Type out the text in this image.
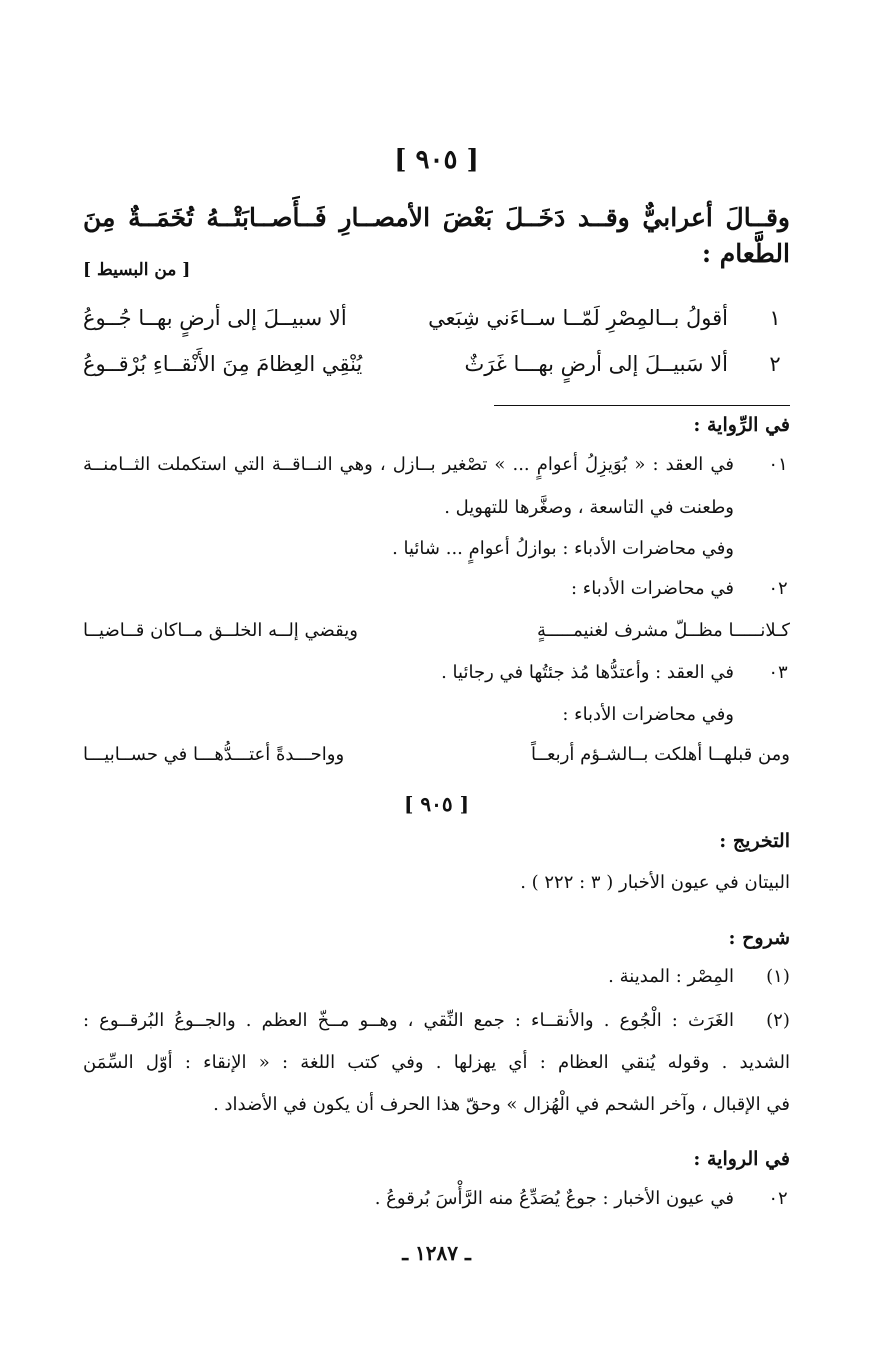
[ ٩٠٥ ]
وقــالَ أعرابيٌّ وقــد دَخَــلَ بَعْضَ الأمصــارِ فَــأَصــابَتْــهُ تُخَمَــةٌ مِنَ
الطَّعام :
[ من البسيط ]
١
أقولُ بــالمِصْرِ لَمّــا ســاءَني شِبَعي
ألا سبيــلَ إلى أرضٍ بهــا جُــوعُ
٢
ألا سَبيــلَ إلى أرضٍ بهـــا غَرَثٌ
يُنْقِي العِظامَ مِنَ الأَنْقــاءِ بُرْقــوعُ
في الرِّواية :
٠١
في العقد : « بُوَيزِلُ أعوامٍ ... » تصْغير بــازل ، وهي النــاقــة التي استكملت الثــامنــة
وطعنت في التاسعة ، وصغَّرها للتهويل .
وفي محاضرات الأدباء : بوازلُ أعوامٍ ... شائيا .
٠٢
في محاضرات الأدباء :
كـلانـــــا مظــلّ مشرف لغنيمـــــةٍ
ويقضي إلــه الخلــق مــاكان قــاضيــا
٠٣
في العقد : وأعتدُّها مُذ جئتُها في رجائيا .
وفي محاضرات الأدباء :
ومن قبلهــا أهلكت بــالشـؤم أربعــاً
وواحـــدةً أعتـــدُّهـــا في حســابيـــا
[ ٩٠٥ ]
التخريج :
البيتان في عيون الأخبار ( ٣ : ٢٢٢ ) .
شروح :
(١)
المِصْر : المدينة .
(٢)
الغَرَث : الْجُوع . والأنقــاء : جمع النِّقي ، وهــو مــخّ العظم . والجــوعُ البُرقــوع :
الشديد . وقوله يُنقي العظام : أي يهزلها . وفي كتب اللغة : « الإنقاء : أوّل السِّمَن
في الإقبال ، وآخر الشحم في الْهُزال » وحقّ هذا الحرف أن يكون في الأضداد .
في الرواية :
٠٢
في عيون الأخبار : جوعٌ يُصَدِّعُ منه الرَّأْسَ بُرقوعُ .
ـ ١٢٨٧ ـ
